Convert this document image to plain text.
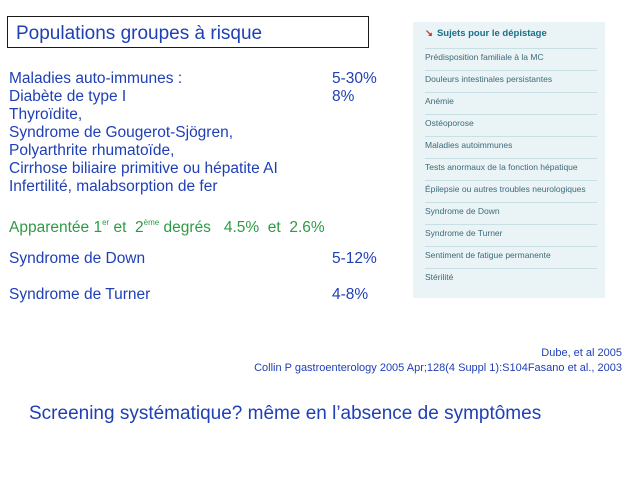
Populations groupes à risque
Maladies auto-immunes :	5-30%
Diabète de type I	8%
Thyroïdite,
Syndrome de Gougerot-Sjögren,
Polyarthrite rhumatoïde,
Cirrhose biliaire primitive ou hépatite AI
Infertilité, malabsorption de fer
Apparentée 1er et  2ème degrés   4.5%  et  2.6%
Syndrome de Down	5-12%
Syndrome de Turner	4-8%
↘ Sujets pour le dépistage
Prédisposition familiale à la MC
Douleurs intestinales persistantes
Anémie
Ostéoporose
Maladies autoimmunes
Tests anormaux de la fonction hépatique
Épilepsie ou autres troubles neurologiques
Syndrome de Down
Syndrome de Turner
Sentiment de fatigue permanente
Stérilité
Dube, et al 2005
Collin P gastroenterology 2005 Apr;128(4 Suppl 1):S104Fasano et al., 2003
Screening systématique? même en l’absence de symptômes
